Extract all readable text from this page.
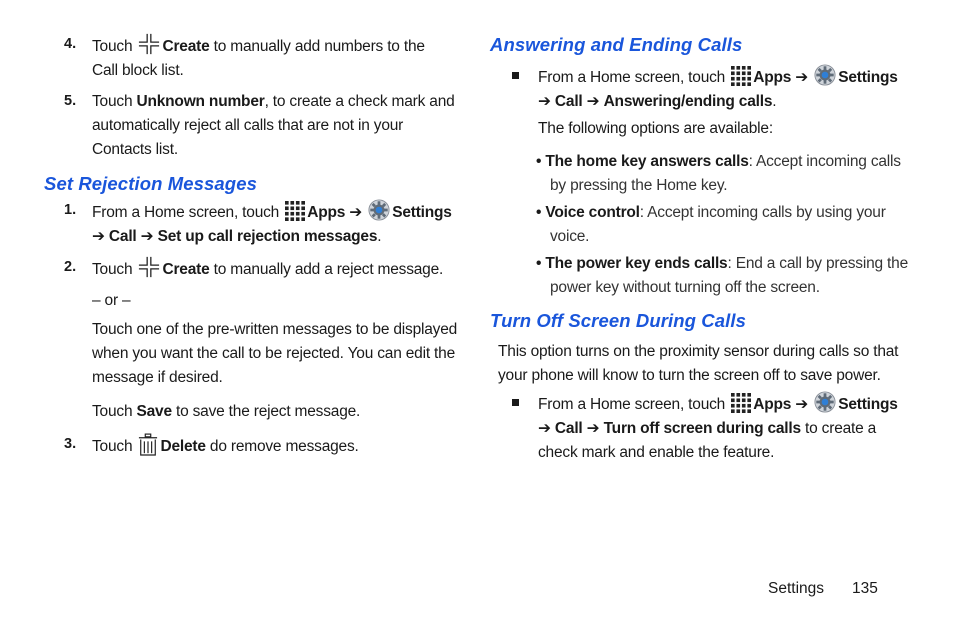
4. Touch Create to manually add numbers to the
Call block list.
5. Touch Unknown number, to create a check mark and
automatically reject all calls that are not in your
Contacts list.
Set Rejection Messages
1. From a Home screen, touch Apps ➔ Settings
➔ Call ➔ Set up call rejection messages.
2. Touch Create to manually add a reject message.
– or –
Touch one of the pre-written messages to be displayed
when you want the call to be rejected. You can edit the
message if desired.
Touch Save to save the reject message.
3. Touch Delete do remove messages.
Answering and Ending Calls
From a Home screen, touch Apps ➔ Settings
➔ Call ➔ Answering/ending calls.
The following options are available:
• The home key answers calls: Accept incoming calls
by pressing the Home key.
• Voice control: Accept incoming calls by using your
voice.
• The power key ends calls: End a call by pressing the
power key without turning off the screen.
Turn Off Screen During Calls
This option turns on the proximity sensor during calls so that
your phone will know to turn the screen off to save power.
From a Home screen, touch Apps ➔ Settings
➔ Call ➔ Turn off screen during calls to create a
check mark and enable the feature.
Settings 135
